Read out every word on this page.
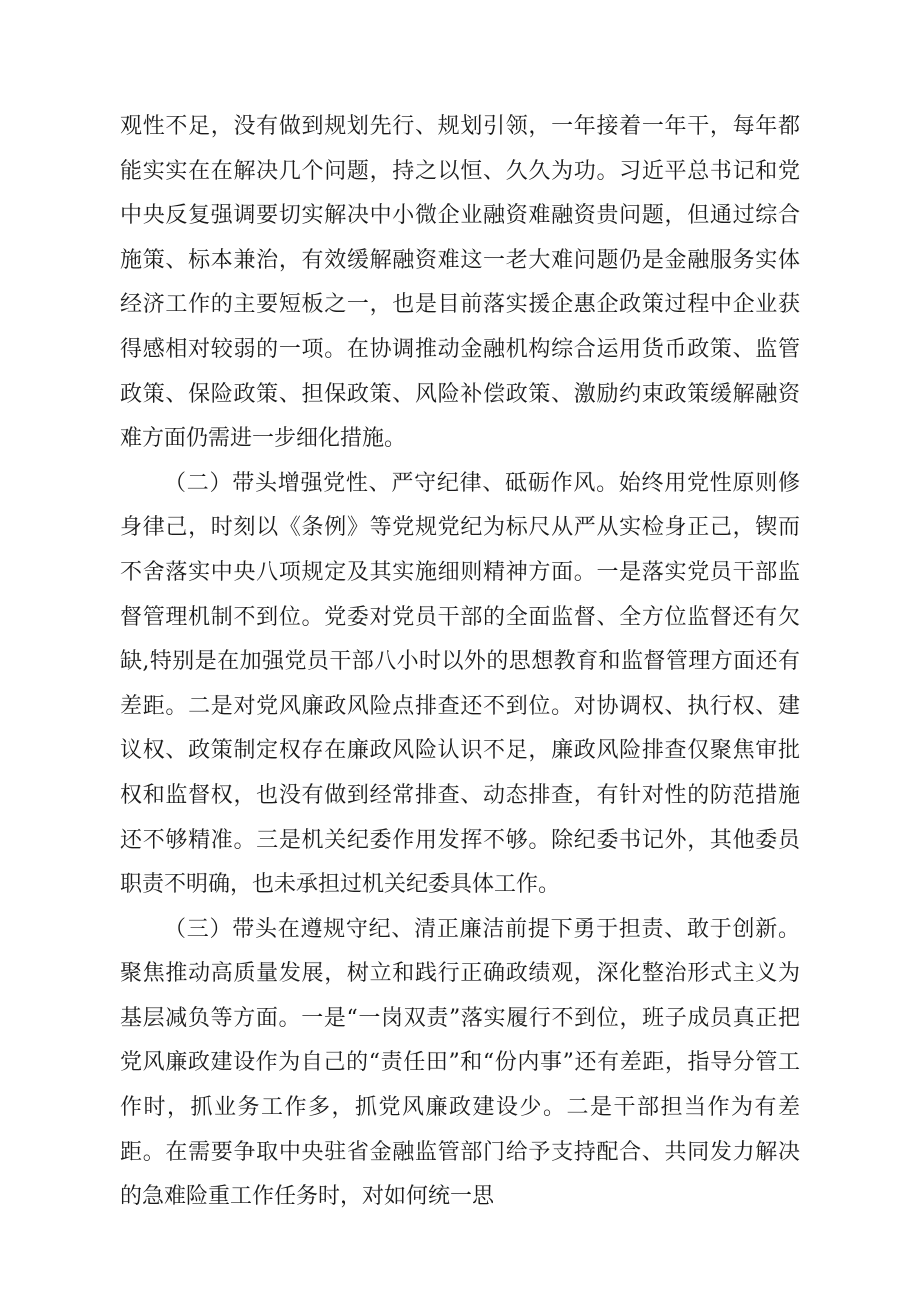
观性不足，没有做到规划先行、规划引领，一年接着一年干，每年都能实实在在解决几个问题，持之以恒、久久为功。习近平总书记和党中央反复强调要切实解决中小微企业融资难融资贵问题，但通过综合施策、标本兼治，有效缓解融资难这一老大难问题仍是金融服务实体经济工作的主要短板之一，也是目前落实援企惠企政策过程中企业获得感相对较弱的一项。在协调推动金融机构综合运用货币政策、监管政策、保险政策、担保政策、风险补偿政策、激励约束政策缓解融资难方面仍需进一步细化措施。

（二）带头增强党性、严守纪律、砥砺作风。始终用党性原则修身律己，时刻以《条例》等党规党纪为标尺从严从实检身正己，锲而不舍落实中央八项规定及其实施细则精神方面。一是落实党员干部监督管理机制不到位。党委对党员干部的全面监督、全方位监督还有欠缺,特别是在加强党员干部八小时以外的思想教育和监督管理方面还有差距。二是对党风廉政风险点排查还不到位。对协调权、执行权、建议权、政策制定权存在廉政风险认识不足，廉政风险排查仅聚焦审批权和监督权，也没有做到经常排查、动态排查，有针对性的防范措施还不够精准。三是机关纪委作用发挥不够。除纪委书记外，其他委员职责不明确，也未承担过机关纪委具体工作。

（三）带头在遵规守纪、清正廉洁前提下勇于担责、敢于创新。聚焦推动高质量发展，树立和践行正确政绩观，深化整治形式主义为基层减负等方面。一是“一岗双责”落实履行不到位，班子成员真正把党风廉政建设作为自己的“责任田”和“份内事”还有差距，指导分管工作时，抓业务工作多，抓党风廉政建设少。二是干部担当作为有差距。在需要争取中央驻省金融监管部门给予支持配合、共同发力解决的急难险重工作任务时，对如何统一思
